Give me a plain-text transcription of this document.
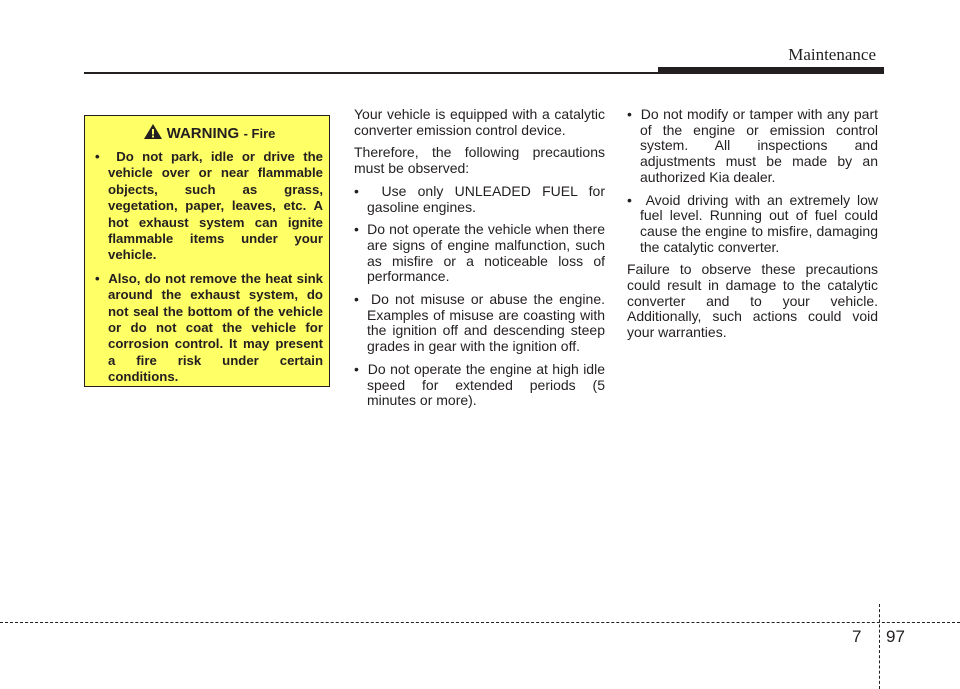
Maintenance
WARNING - Fire
•  Do not park, idle or drive the vehicle over or near flammable objects, such as grass, vegetation, paper, leaves, etc. A hot exhaust system can ignite flammable items under your vehicle.
•  Also, do not remove the heat sink around the exhaust system, do not seal the bottom of the vehicle or do not coat the vehicle for corrosion control. It may present a fire risk under certain conditions.

Your vehicle is equipped with a catalytic converter emission control device.

Therefore, the following precautions must be observed:

•  Use only UNLEADED FUEL for gasoline engines.
•  Do not operate the vehicle when there are signs of engine malfunction, such as misfire or a noticeable loss of performance.
•  Do not misuse or abuse the engine. Examples of misuse are coasting with the ignition off and descending steep grades in gear with the ignition off.
•  Do not operate the engine at high idle speed for extended periods (5 minutes or more).
•  Do not modify or tamper with any part of the engine or emission control system. All inspections and adjustments must be made by an authorized Kia dealer.
•  Avoid driving with an extremely low fuel level. Running out of fuel could cause the engine to misfire, damaging the catalytic converter.

Failure to observe these precautions could result in damage to the catalytic converter and to your vehicle. Additionally, such actions could void your warranties.

7 97
